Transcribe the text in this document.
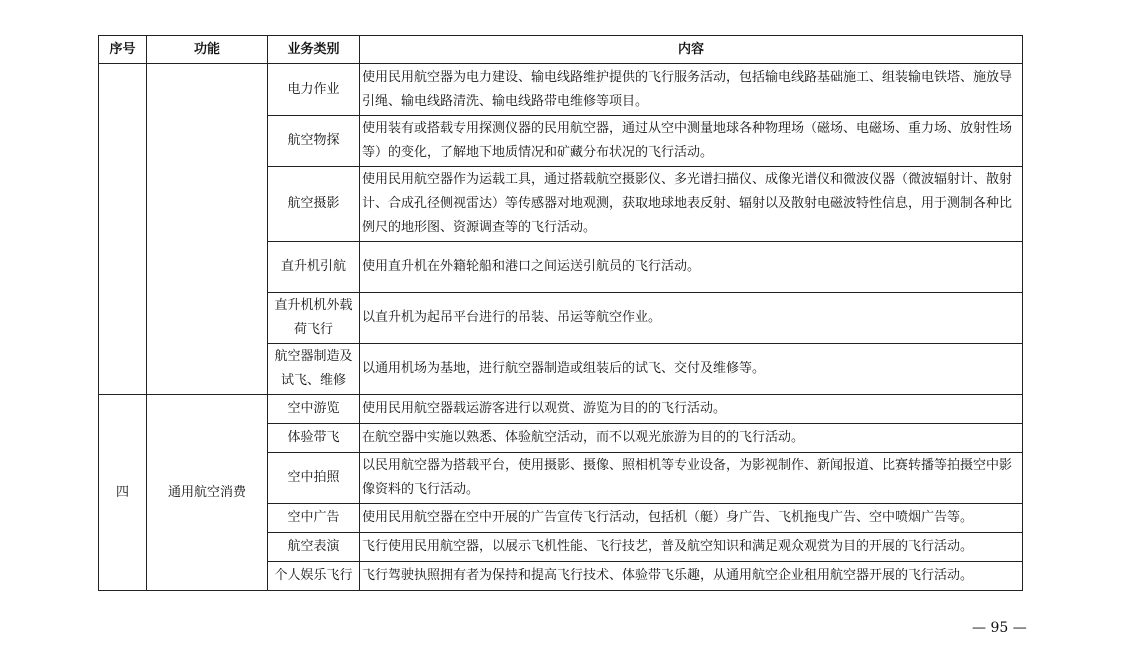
序号	功能	业务类别	内容
		电力作业	使用民用航空器为电力建设、输电线路维护提供的飞行服务活动，包括输电线路基础施工、组装输电铁塔、施放导引绳、输电线路清洗、输电线路带电维修等项目。
		航空物探	使用装有或搭载专用探测仪器的民用航空器，通过从空中测量地球各种物理场（磁场、电磁场、重力场、放射性场等）的变化，了解地下地质情况和矿藏分布状况的飞行活动。
		航空摄影	使用民用航空器作为运载工具，通过搭载航空摄影仪、多光谱扫描仪、成像光谱仪和微波仪器（微波辐射计、散射计、合成孔径侧视雷达）等传感器对地观测，获取地球地表反射、辐射以及散射电磁波特性信息，用于测制各种比例尺的地形图、资源调查等的飞行活动。
		直升机引航	使用直升机在外籍轮船和港口之间运送引航员的飞行活动。
		直升机机外载荷飞行	以直升机为起吊平台进行的吊装、吊运等航空作业。
		航空器制造及试飞、维修	以通用机场为基地，进行航空器制造或组装后的试飞、交付及维修等。
四	通用航空消费	空中游览	使用民用航空器载运游客进行以观赏、游览为目的的飞行活动。
		体验带飞	在航空器中实施以熟悉、体验航空活动，而不以观光旅游为目的的飞行活动。
		空中拍照	以民用航空器为搭载平台，使用摄影、摄像、照相机等专业设备，为影视制作、新闻报道、比赛转播等拍摄空中影像资料的飞行活动。
		空中广告	使用民用航空器在空中开展的广告宣传飞行活动，包括机（艇）身广告、飞机拖曳广告、空中喷烟广告等。
		航空表演	飞行使用民用航空器，以展示飞机性能、飞行技艺，普及航空知识和满足观众观赏为目的开展的飞行活动。
		个人娱乐飞行	飞行驾驶执照拥有者为保持和提高飞行技术、体验带飞乐趣，从通用航空企业租用航空器开展的飞行活动。
— 95 —
